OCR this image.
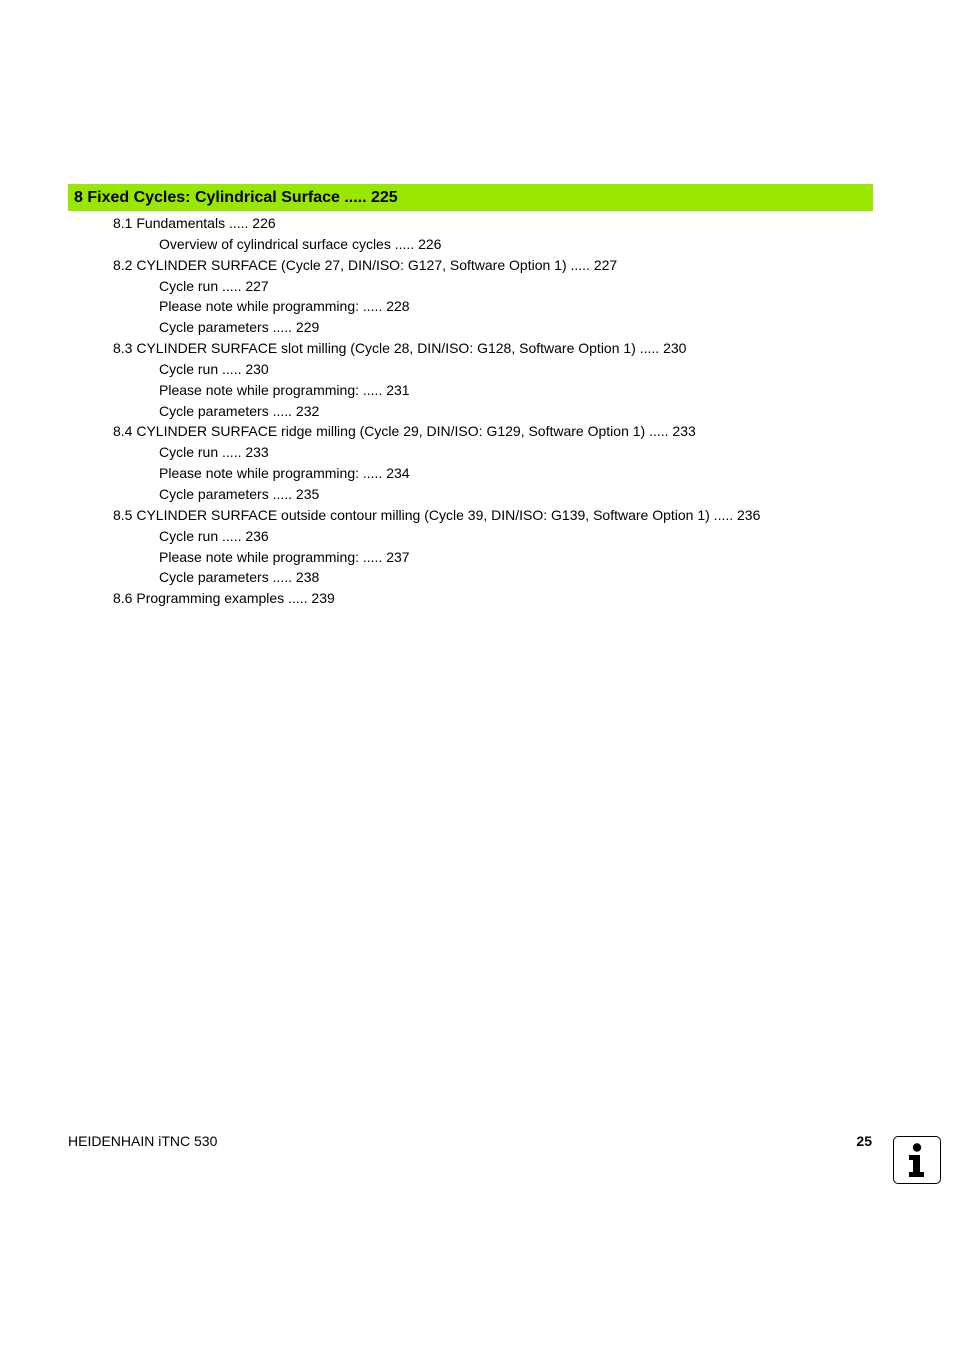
8 Fixed Cycles: Cylindrical Surface ..... 225
8.1 Fundamentals ..... 226
Overview of cylindrical surface cycles ..... 226
8.2 CYLINDER SURFACE (Cycle 27, DIN/ISO: G127, Software Option 1) ..... 227
Cycle run ..... 227
Please note while programming: ..... 228
Cycle parameters ..... 229
8.3 CYLINDER SURFACE slot milling (Cycle 28, DIN/ISO: G128, Software Option 1) ..... 230
Cycle run ..... 230
Please note while programming: ..... 231
Cycle parameters ..... 232
8.4 CYLINDER SURFACE ridge milling (Cycle 29, DIN/ISO: G129, Software Option 1) ..... 233
Cycle run ..... 233
Please note while programming: ..... 234
Cycle parameters ..... 235
8.5 CYLINDER SURFACE outside contour milling (Cycle 39, DIN/ISO: G139, Software Option 1) ..... 236
Cycle run ..... 236
Please note while programming: ..... 237
Cycle parameters ..... 238
8.6 Programming examples ..... 239
HEIDENHAIN iTNC 530	25
